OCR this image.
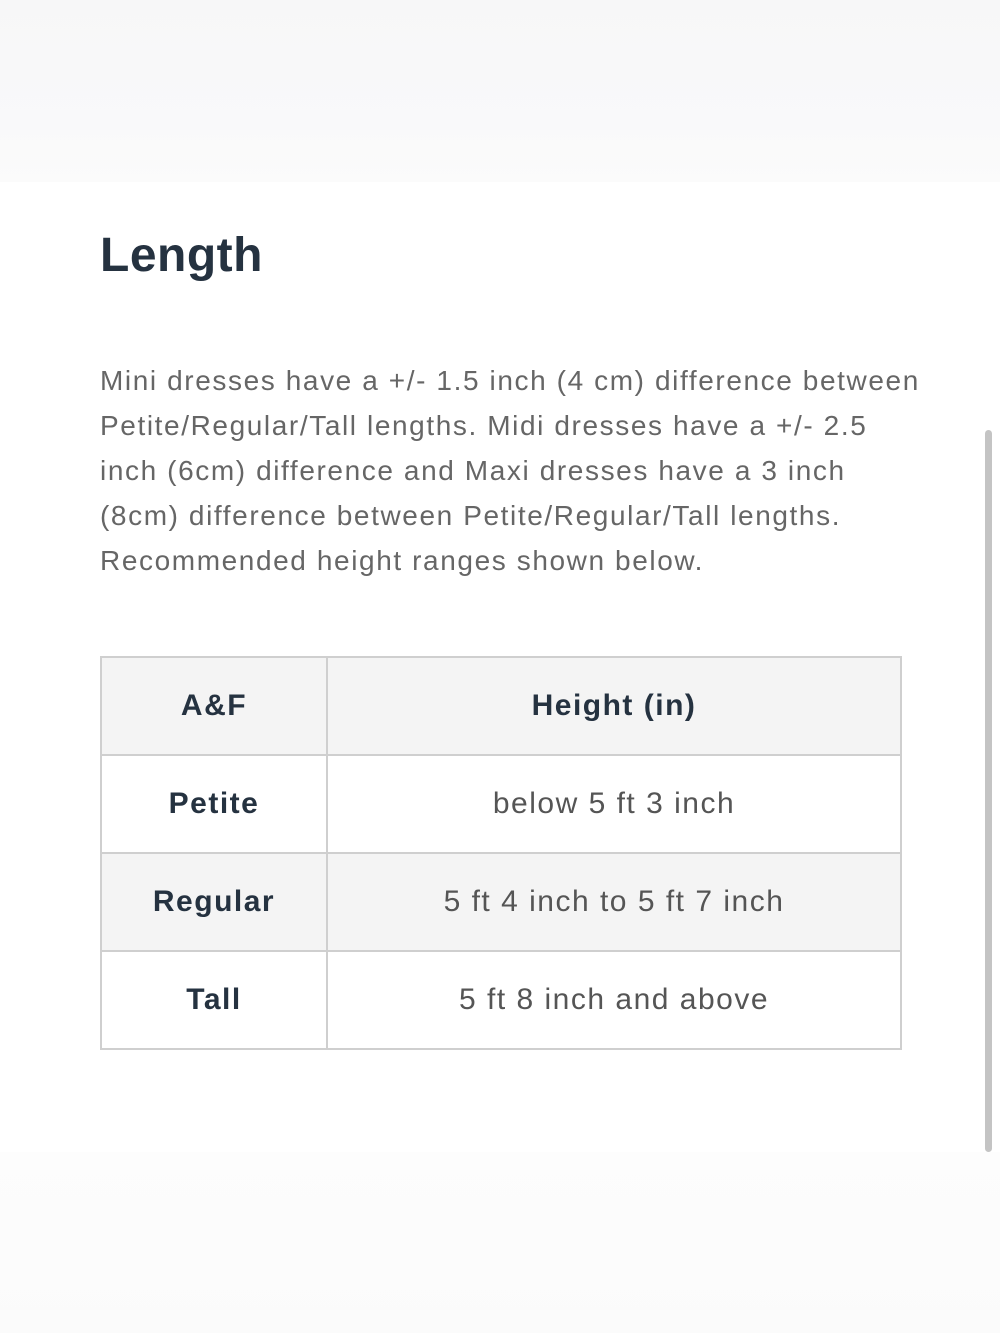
Length

Mini dresses have a +/- 1.5 inch (4 cm) difference between Petite/Regular/Tall lengths. Midi dresses have a +/- 2.5 inch (6cm) difference and Maxi dresses have a 3 inch (8cm) difference between Petite/Regular/Tall lengths. Recommended height ranges shown below.

A&F	Height (in)
Petite	below 5 ft 3 inch
Regular	5 ft 4 inch to 5 ft 7 inch
Tall	5 ft 8 inch and above
